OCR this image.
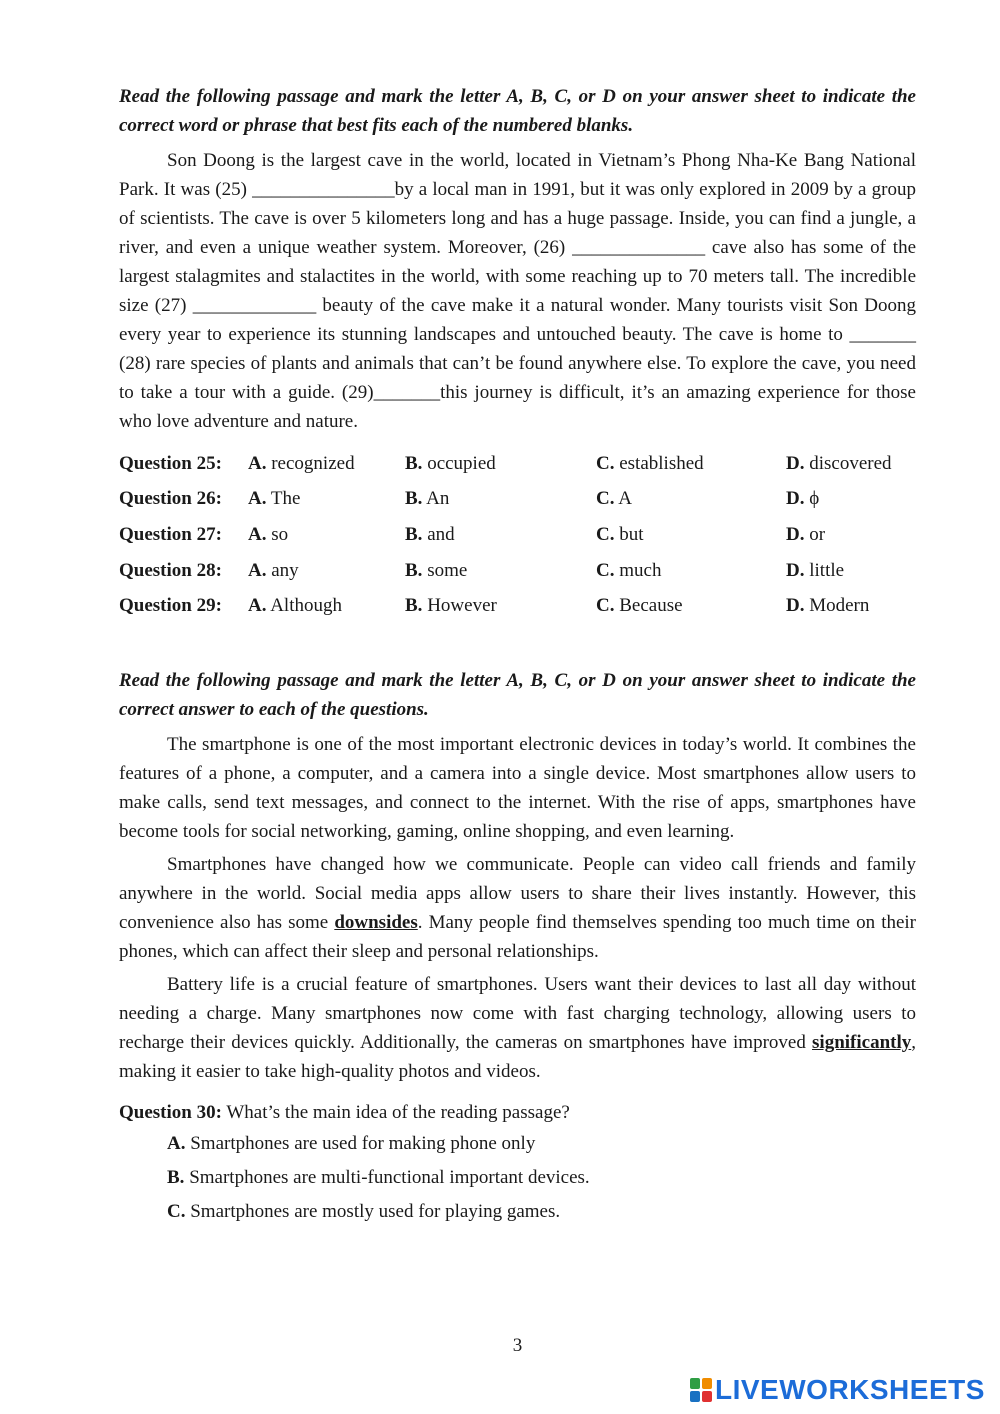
Read the following passage and mark the letter A, B, C, or D on your answer sheet to indicate the correct word or phrase that best fits each of the numbered blanks.

Son Doong is the largest cave in the world, located in Vietnam’s Phong Nha-Ke Bang National Park. It was (25) _______________by a local man in 1991, but it was only explored in 2009 by a group of scientists. The cave is over 5 kilometers long and has a huge passage. Inside, you can find a jungle, a river, and even a unique weather system. Moreover, (26) ______________ cave also has some of the largest stalagmites and stalactites in the world, with some reaching up to 70 meters tall. The incredible size (27) _____________ beauty of the cave make it a natural wonder. Many tourists visit Son Doong every year to experience its stunning landscapes and untouched beauty. The cave is home to _______ (28) rare species of plants and animals that can’t be found anywhere else. To explore the cave, you need to take a tour with a guide. (29)_______this journey is difficult, it’s an amazing experience for those who love adventure and nature.

Question 25:	A. recognized	B. occupied	C. established	D. discovered
Question 26:	A. The	B. An	C. A	D. ϕ
Question 27:	A. so	B. and	C. but	D. or
Question 28:	A. any	B. some	C. much	D. little
Question 29:	A. Although	B. However	C. Because	D. Modern

Read the following passage and mark the letter A, B, C, or D on your answer sheet to indicate the correct answer to each of the questions.

The smartphone is one of the most important electronic devices in today’s world. It combines the features of a phone, a computer, and a camera into a single device. Most smartphones allow users to make calls, send text messages, and connect to the internet. With the rise of apps, smartphones have become tools for social networking, gaming, online shopping, and even learning.

Smartphones have changed how we communicate. People can video call friends and family anywhere in the world. Social media apps allow users to share their lives instantly. However, this convenience also has some downsides. Many people find themselves spending too much time on their phones, which can affect their sleep and personal relationships.

Battery life is a crucial feature of smartphones. Users want their devices to last all day without needing a charge. Many smartphones now come with fast charging technology, allowing users to recharge their devices quickly. Additionally, the cameras on smartphones have improved significantly, making it easier to take high-quality photos and videos.

Question 30: What’s the main idea of the reading passage?
A. Smartphones are used for making phone only
B. Smartphones are multi-functional important devices.
C. Smartphones are mostly used for playing games.
3
LIVEWORKSHEETS
